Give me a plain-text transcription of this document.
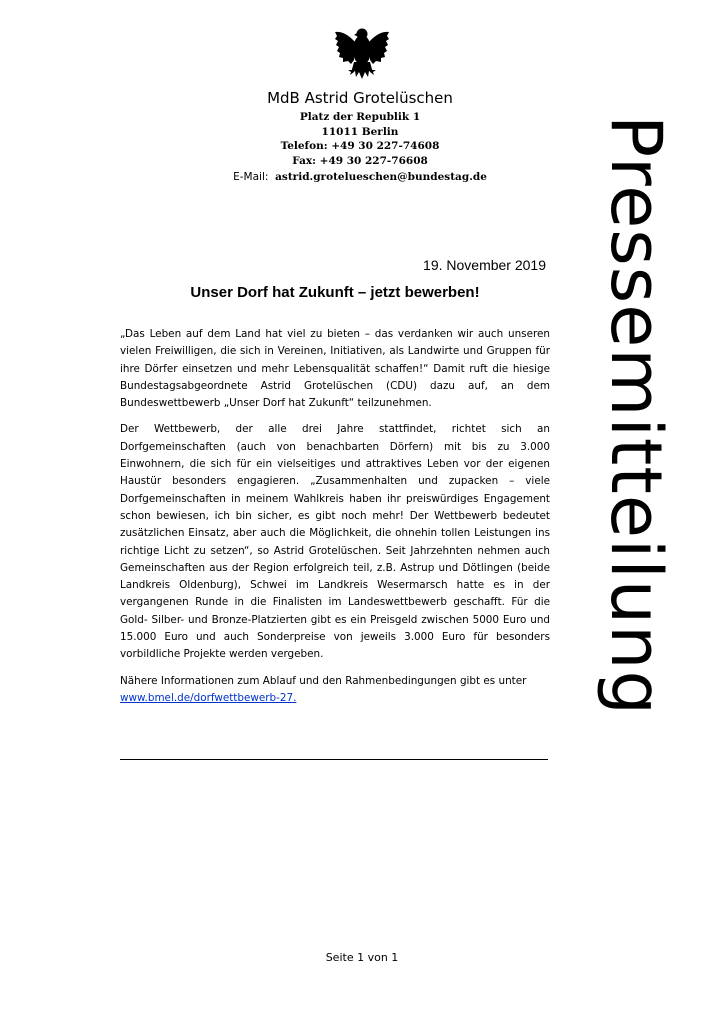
MdB Astrid Grotelüschen
Platz der Republik 1
11011 Berlin
Telefon: +49 30 227-74608
Fax: +49 30 227-76608
E-Mail: astrid.grotelueschen@bundestag.de	Pressemitteilung
19. November 2019
Unser Dorf hat Zukunft – jetzt bewerben!

„Das Leben auf dem Land hat viel zu bieten – das verdanken wir auch unseren vielen Freiwilligen, die sich in Vereinen, Initiativen, als Landwirte und Gruppen für ihre Dörfer einsetzen und mehr Lebensqualität schaffen!“ Damit ruft die hiesige Bundestagsabgeordnete Astrid Grotelüschen (CDU) dazu auf, an dem Bundeswettbewerb „Unser Dorf hat Zukunft“ teilzunehmen.

Der Wettbewerb, der alle drei Jahre stattfindet, richtet sich an Dorfgemeinschaften (auch von benachbarten Dörfern) mit bis zu 3.000 Einwohnern, die sich für ein vielseitiges und attraktives Leben vor der eigenen Haustür besonders engagieren. „Zusammenhalten und zupacken – viele Dorfgemeinschaften in meinem Wahlkreis haben ihr preiswürdiges Engagement schon bewiesen, ich bin sicher, es gibt noch mehr! Der Wettbewerb bedeutet zusätzlichen Einsatz, aber auch die Möglichkeit, die ohnehin tollen Leistungen ins richtige Licht zu setzen“, so Astrid Grotelüschen. Seit Jahrzehnten nehmen auch Gemeinschaften aus der Region erfolgreich teil, z.B. Astrup und Dötlingen (beide Landkreis Oldenburg), Schwei im Landkreis Wesermarsch hatte es in der vergangenen Runde in die Finalisten im Landeswettbewerb geschafft. Für die Gold- Silber- und Bronze-Platzierten gibt es ein Preisgeld zwischen 5000 Euro und 15.000 Euro und auch Sonderpreise von jeweils 3.000 Euro für besonders vorbildliche Projekte werden vergeben.

Nähere Informationen zum Ablauf und den Rahmenbedingungen gibt es unter
www.bmel.de/dorfwettbewerb-27.

Seite 1 von 1
